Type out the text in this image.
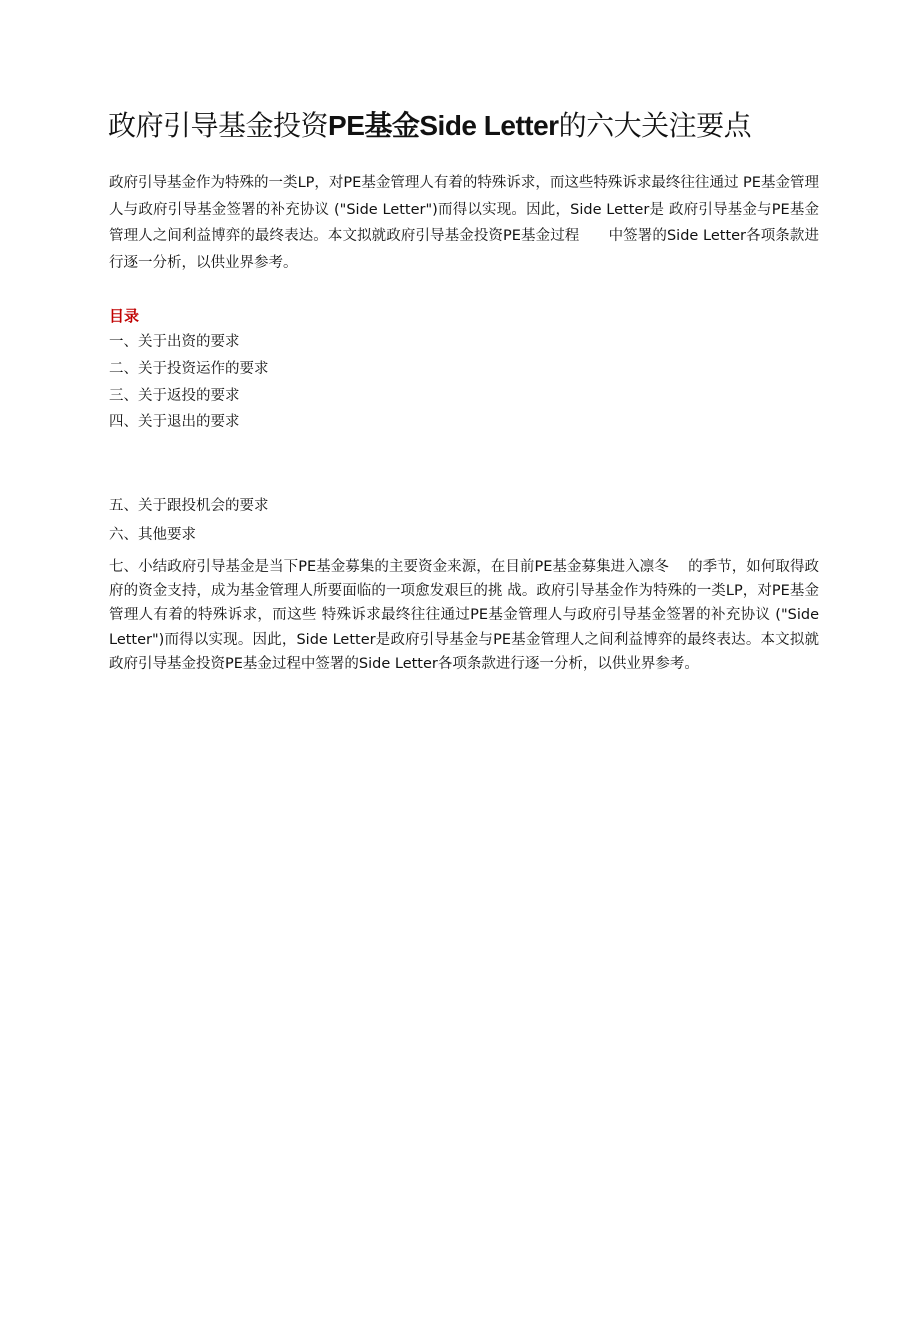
政府引导基金投资PE基金Side Letter的六大关注要点

政府引导基金作为特殊的一类LP，对PE基金管理人有着的特殊诉求，而这些特殊诉求最终往往通过 PE基金管理人与政府引导基金签署的补充协议 ("Side Letter")而得以实现。因此，Side Letter是 政府引导基金与PE基金管理人之间利益博弈的最终表达。本文拟就政府引导基金投资PE基金过程　　中签署的Side Letter各项条款进行逐一分析，以供业界参考。

目录

一、关于出资的要求

二、关于投资运作的要求

三、关于返投的要求

四、关于退出的要求

五、关于跟投机会的要求

六、其他要求

七、小结政府引导基金是当下PE基金募集的主要资金来源，在目前PE基金募集进入凛冬　 的季节，如何取得政府的资金支持，成为基金管理人所要面临的一项愈发艰巨的挑 战。政府引导基金作为特殊的一类LP，对PE基金管理人有着的特殊诉求，而这些 特殊诉求最终往往通过PE基金管理人与政府引导基金签署的补充协议 ("Side Letter")而得以实现。因此，Side Letter是政府引导基金与PE基金管理人之间利益博弈的最终表达。本文拟就政府引导基金投资PE基金过程中签署的Side Letter各项条款进行逐一分析，以供业界参考。
